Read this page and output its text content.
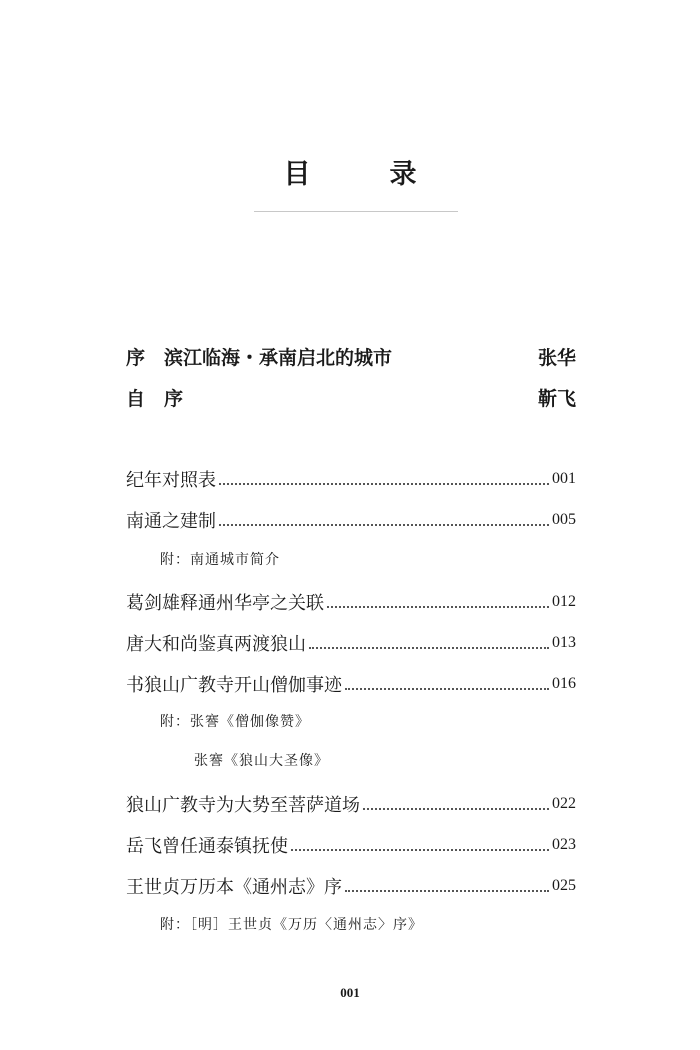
目　录
序 滨江临海・承南启北的城市	张华
自 序	靳飞
纪年对照表	001
南通之建制	005
附：南通城市简介
葛剑雄释通州华亭之关联	012
唐大和尚鉴真两渡狼山	013
书狼山广教寺开山僧伽事迹	016
附：张謇《僧伽像赞》
张謇《狼山大圣像》
狼山广教寺为大势至菩萨道场	022
岳飞曾任通泰镇抚使	023
王世贞万历本《通州志》序	025
附：［明］王世贞《万历〈通州志〉序》
001
